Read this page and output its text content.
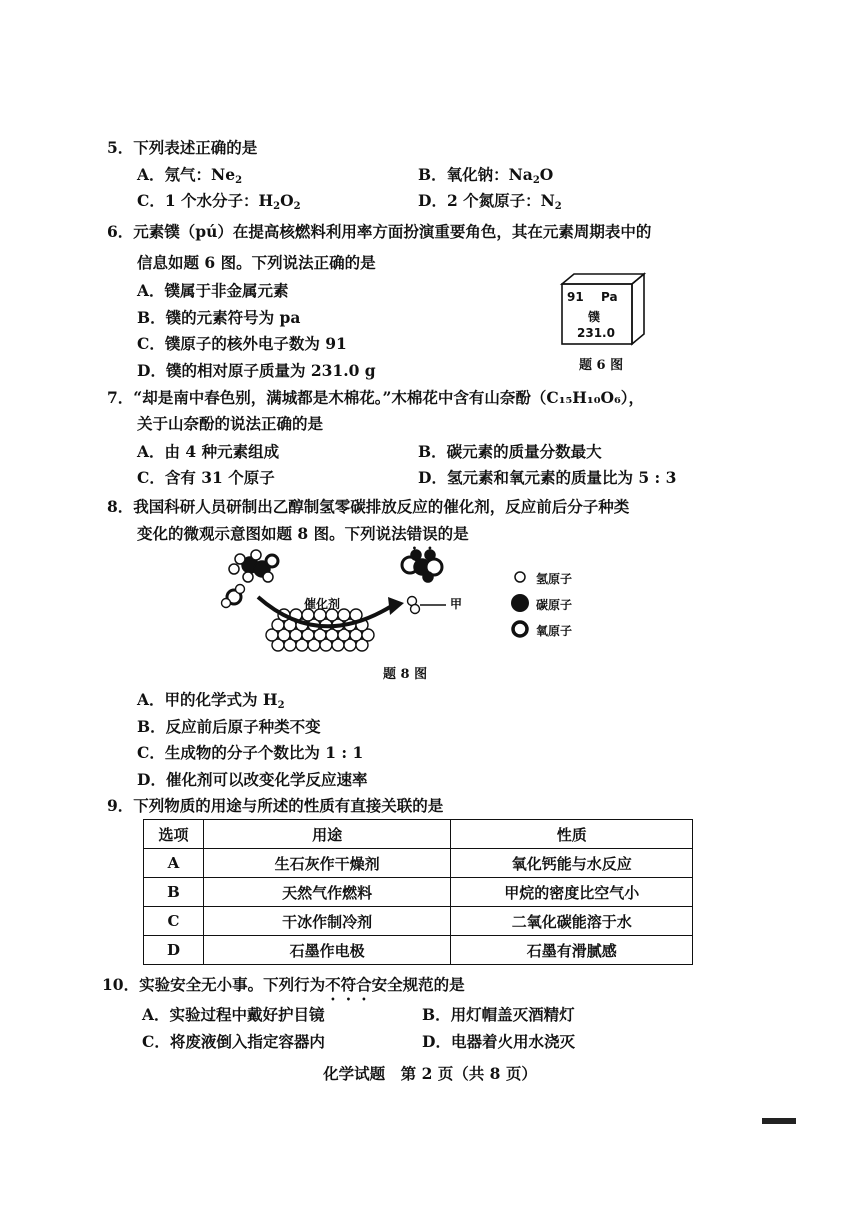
5．下列表述正确的是
A．氖气：$Ne_2$	B．氧化钠：$Na_2O$
C．1 个水分子：$H_2O_2$	D．2 个氮原子：$N_2$
6．元素镤（pú）在提高核燃料利用率方面扮演重要角色，其在元素周期表中的
信息如题 6 图。下列说法正确的是
A．镤属于非金属元素
B．镤的元素符号为 pa
C．镤原子的核外电子数为 91
D．镤的相对原子质量为 231.0 g
91 Pa
镤
231.0
题 6 图
7．“却是南中春色别，满城都是木棉花。”木棉花中含有山奈酚（C₁₅H₁₀O₆），
关于山奈酚的说法正确的是
A．由 4 种元素组成	B．碳元素的质量分数最大
C．含有 31 个原子	D．氢元素和氧元素的质量比为 5 : 3
8．我国科研人员研制出乙醇制氢零碳排放反应的催化剂，反应前后分子种类
变化的微观示意图如题 8 图。下列说法错误的是
催化剂	甲
氢原子
碳原子
氧原子
题 8 图
A．甲的化学式为 $H_2$
B．反应前后原子种类不变
C．生成物的分子个数比为 1 : 1
D．催化剂可以改变化学反应速率
9．下列物质的用途与所述的性质有直接关联的是
选项	用途	性质
A	生石灰作干燥剂	氧化钙能与水反应
B	天然气作燃料	甲烷的密度比空气小
C	干冰作制冷剂	二氧化碳能溶于水
D	石墨作电极	石墨有滑腻感
10．实验安全无小事。下列行为不符合安全规范的是
A．实验过程中戴好护目镜	B．用灯帽盖灭酒精灯
C．将废液倒入指定容器内	D．电器着火用水浇灭
化学试题　第 2 页（共 8 页）
